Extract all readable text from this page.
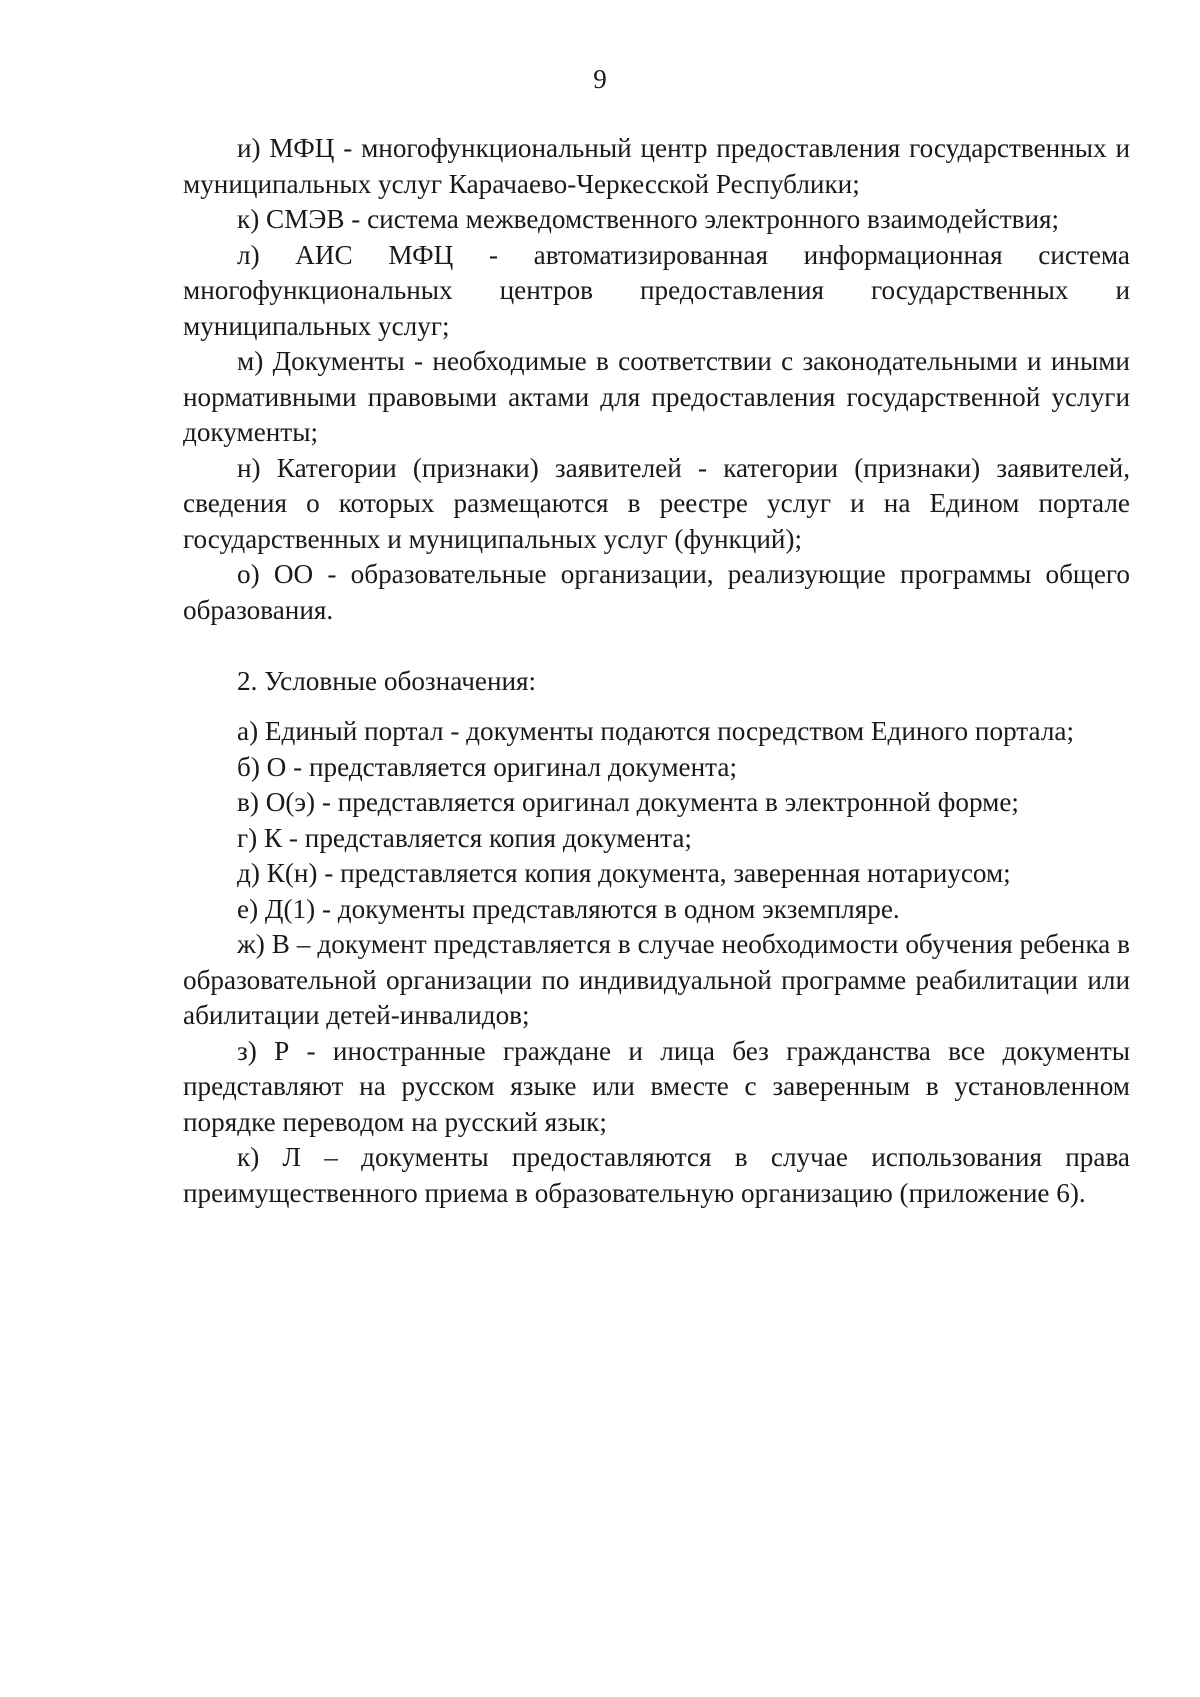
9

и) МФЦ - многофункциональный центр предоставления государственных и муниципальных услуг Карачаево-Черкесской Республики;

к) СМЭВ - система межведомственного электронного взаимодействия;

л) АИС МФЦ - автоматизированная информационная система многофункциональных центров предоставления государственных и муниципальных услуг;

м) Документы - необходимые в соответствии с законодательными и иными нормативными правовыми актами для предоставления государственной услуги документы;

н) Категории (признаки) заявителей - категории (признаки) заявителей, сведения о которых размещаются в реестре услуг и на Едином портале государственных и муниципальных услуг (функций);

о) ОО - образовательные организации, реализующие программы общего образования.

2. Условные обозначения:

а) Единый портал - документы подаются посредством Единого портала;

б) О - представляется оригинал документа;

в) О(э) - представляется оригинал документа в электронной форме;

г) К - представляется копия документа;

д) К(н) - представляется копия документа, заверенная нотариусом;

е) Д(1) - документы представляются в одном экземпляре.

ж) В – документ представляется в случае необходимости обучения ребенка в образовательной организации по индивидуальной программе реабилитации или абилитации детей-инвалидов;

з) Р - иностранные граждане и лица без гражданства все документы представляют на русском языке или вместе с заверенным в установленном порядке переводом на русский язык;

к) Л – документы предоставляются в случае использования права преимущественного приема в образовательную организацию (приложение 6).
